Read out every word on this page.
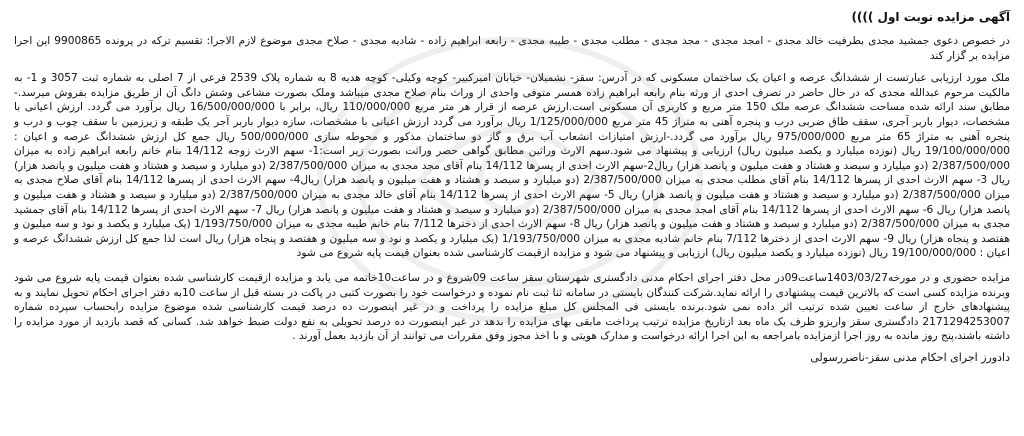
آگهی مزایده نوبت اول ))))

در خصوص دعوی جمشید مجدی بطرفیت خالد مجدی - امجد مجدی - مجد مجدی - مطلب مجدی - طیبه مجدی - رابعه ابراهیم زاده - شادیه مجدی - صلاح مجدی موضوع لازم الاجرا: تقسیم ترکه در پرونده 9900865 این اجرا مزایده بر گزار کند

ملک مورد ارزیابی عبارتست از ششدانگ عرصه و اعیان یک ساختمان مسکونی که در آدرس: سقز- نشمیلان- خیابان امیرکبیر- کوچه وکیلی- کوچه هدیه 8 به شماره پلاک 2539 فرعی از 7 اصلی به شماره ثبت 3057 و 1- به مالکیت مرحوم عبدالله مجدی که در حال حاضر در تصرف احدی از ورثه بنام رابعه ابراهیم زاده همسر متوفی واحدی از وراث بنام صلاح مجدی میباشد وملک بصورت مشاعی وشش دانگ آن از طریق مزایده بفروش میرسد.- مطابق سند ارائه شده مساحت ششدانگ عرصه ملک 150 متر مربع و کاربری آن مسکونی است.ارزش عرصه از قرار هر متر مربع 110/000/000 ریال، برابر با 16/500/000/000 ریال برآورد می گردد. ارزش اعیانی با مشخصات، دیوار باربر آجری، سقف طاق ضربی درب و پنجره آهنی به متراژ 45 متر مربع 1/125/000/000 ریال برآورد می گردد ارزش اعیانی با مشخصات، سازه دیوار باربر آجر یک طبقه و زیرزمین با سقف چوب و درب و پنجره آهنی به متراژ 65 متر مربع 975/000/000 ریال برآورد می گردد.-ارزش امتیازات انشعاب آب برق و گاز دو ساختمان مذکور و محوطه سازی 500/000/000 ریال جمع کل ارزش ششدانگ عرصه و اعیان : 19/100/000/000 ریال (نوزده میلیارد و یکصد میلیون ریال) ارزیابی و پیشنهاد می شود.سهم الارث وراثین مطابق گواهی حصر وراثت بصورت زیر است:1- سهم الارث زوجه 14/112 بنام خانم رابعه ابراهیم زاده به میزان 2/387/500/000 (دو میلیارد و سیصد و هشتاد و هفت میلیون و پانصد هزار) ریال2-سهم الارث احدی از پسرها 14/112 بنام آقای مجد مجدی به میزان 2/387/500/000 (دو میلیارد و سیصد و هشتاد و هفت میلیون و پانصد هزار) ریال 3- سهم الارث احدی از پسرها 14/112 بنام آقای مطلب مجدی به میزان 2/387/500/000 (دو میلیارد و سیصد و هشتاد و هفت میلیون و پانصد هزار) ریال4- سهم الارث احدی از پسرها 14/112 بنام آقای صلاح مجدی به میزان 2/387/500/000 (دو میلیارد و سیصد و هشتاد و هفت میلیون و پانصد هزار) ریال 5- سهم الارث احدی از پسرها 14/112 بنام آقای خالد مجدی به میزان 2/387/500/000 (دو میلیارد و سیصد و هشتاد و هفت میلیون و پانصد هزار) ریال 6- سهم الارث احدی از پسرها 14/112 بنام آقای امجد مجدی به میزان 2/387/500/000 (دو میلیارد و سیصد و هشتاد و هفت میلیون و پانصد هزار) ریال 7- سهم الارث احدی از پسرها 14/112 بنام آقای جمشید مجدی به میزان 2/387/500/000 (دو میلیارد و سیصد و هشتاد و هفت میلیون و پانصد هزار) ریال 8- سهم الارث احدی از دخترها 7/112 بنام خانم طیبه مجدی به میزان 1/193/750/000 (یک میلیارد و یکصد و نود و سه میلیون و هفتصد و پنجاه هزار) ریال 9- سهم الارث احدی از دخترها 7/112 بنام خانم شادیه مجدی به میزان 1/193/750/000 (یک میلیارد و یکصد و نود و سه میلیون و هفتصد و پنجاه هزار) ریال است لذا جمع کل ارزش ششدانگ عرصه و اعیان : 19/100/000/000 ریال (نوزده میلیارد و یکصد میلیون ریال) ارزیابی و پیشنهاد می شود و مزایده ازقیمت کارشناسی شده بعنوان قیمت پایه شروع می شود

مزایده حضوری و در مورخه1403/03/27ساعت09در محل دفتر اجرای احکام مدنی دادگستری شهرستان سقز ساعت 09شروع و در ساعت10خاتمه می یابد و مزایده ازقیمت کارشناسی شده بعنوان قیمت پایه شروع می شود وبرنده مزایده کسی است که بالاترین قیمت پیشنهادی را ارائه نماید.شرکت کنندگان بایستی در سامانه ثنا ثبت نام نموده و درخواست خود را بصورت کتبی در پاکت در بسته قبل از ساعت 10به دفتر اجرای احکام تحویل نمایند و به پیشنهادهای خارج از ساعت تعیین شده ترتیب اثر داده نمی شود.برنده بایستی فی المجلس کل مبلغ مزایده را پرداخت و در غیر اینصورت ده درصد قیمت کارشناسی شده موضوع مزایده رابحساب سپرده شماره 2171294253007 دادگستری سقز واریزو ظرف یک ماه بعد ازتاریخ مزایده ترتیب پرداخت مابقی بهای مزایده را بدهد در غیر اینصورت ده درصد تحویلی به نفع دولت ضبط خواهد شد. کسانی که قصد بازدید از مورد مزایده را داشته باشند،پنج روز مانده به روز اجرا ازمزایده بامراجعه به این اجرا ارائه درخواست و مدارک هویتی و با اخذ مجوز وفق مقررات می توانند از آن بازدید بعمل آورند .

دادورز اجرای احکام مدنی سقز-ناصررسولی
